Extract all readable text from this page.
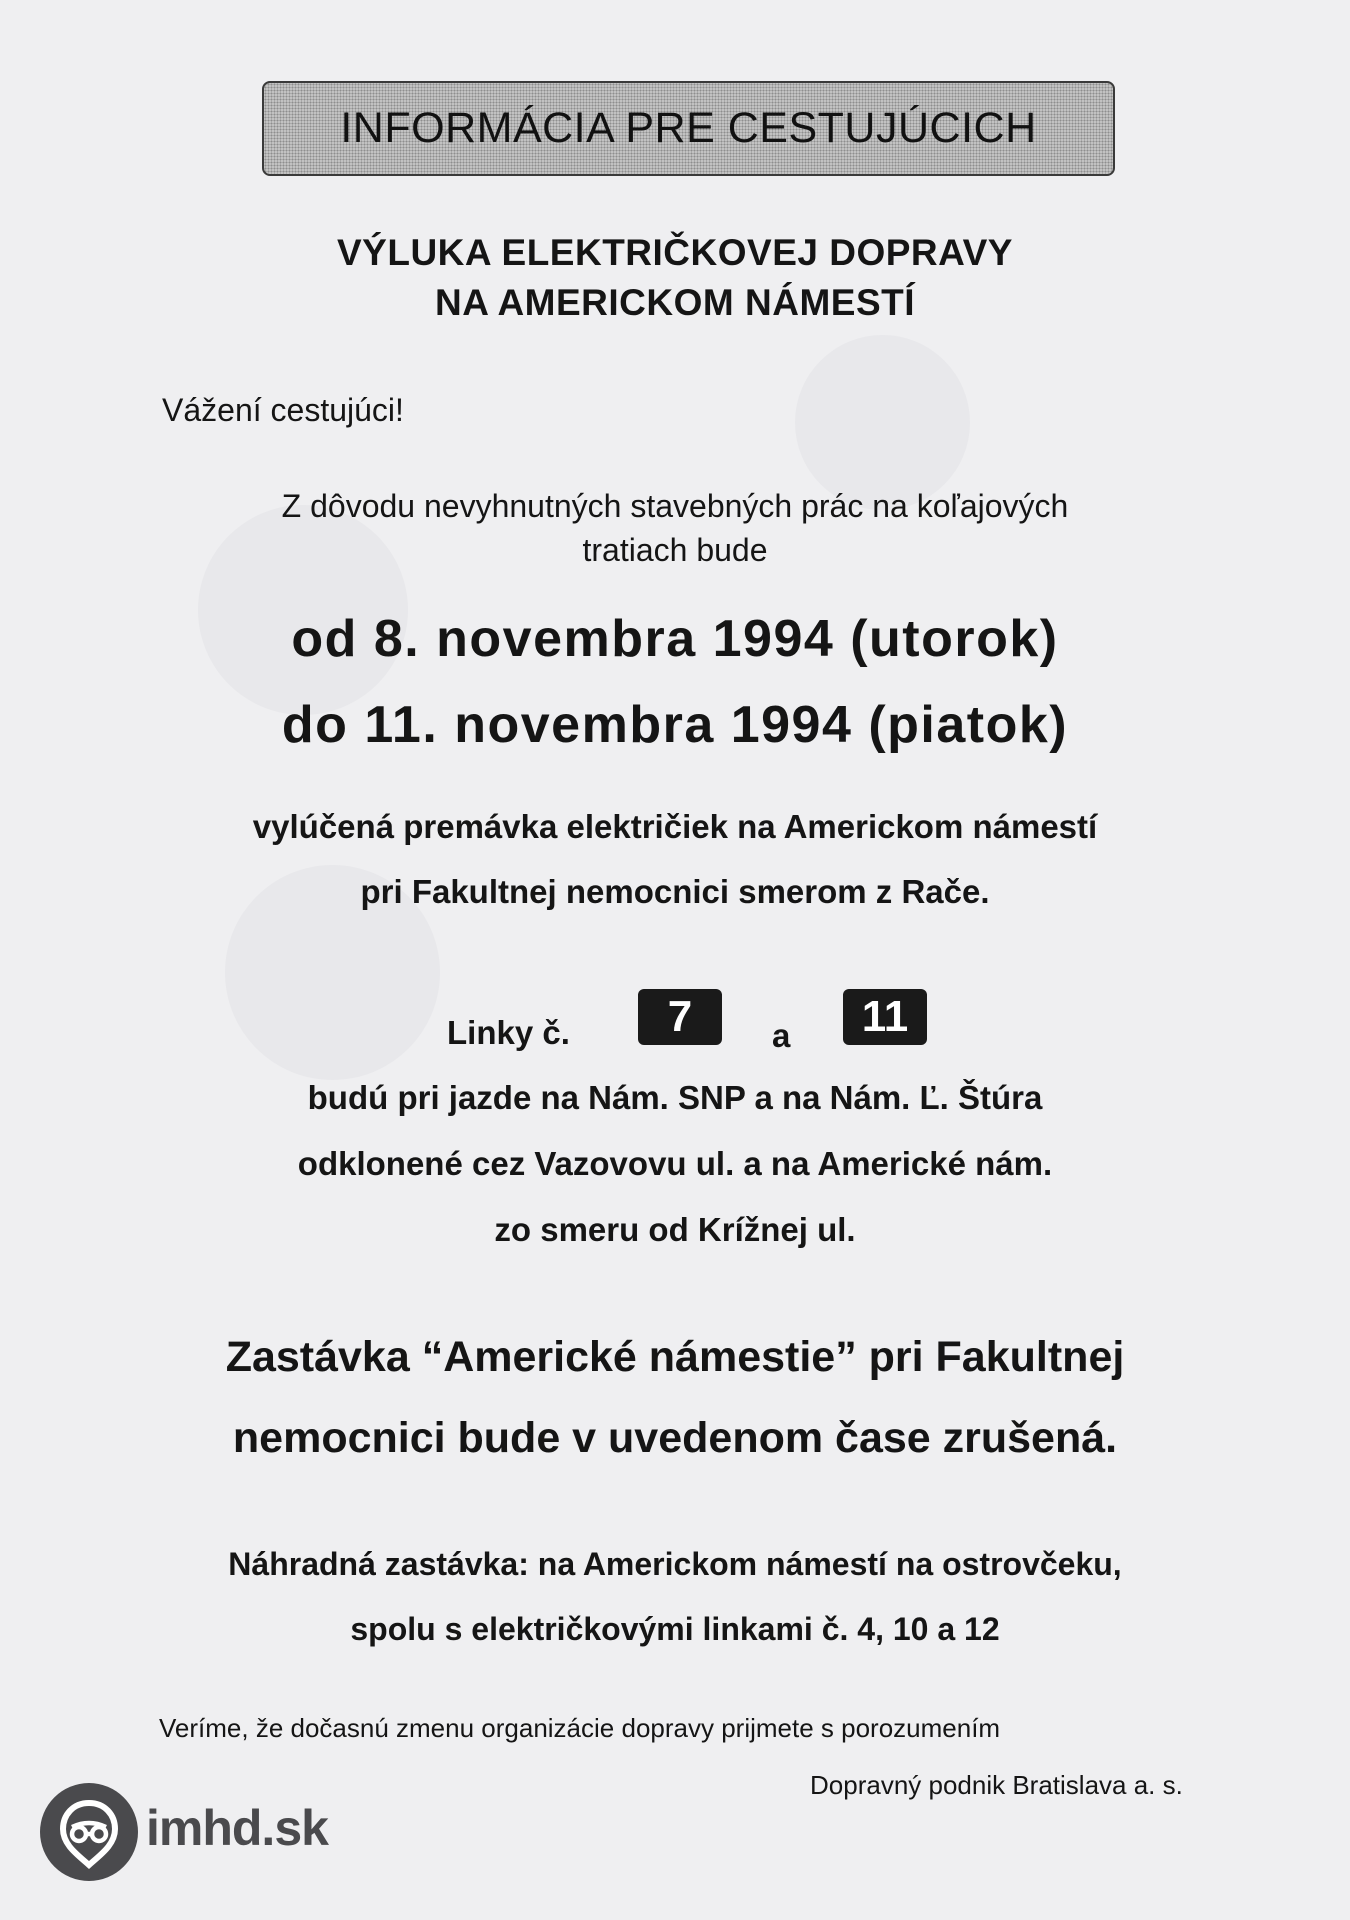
INFORMÁCIA PRE CESTUJÚCICH
VÝLUKA ELEKTRIČKOVEJ DOPRAVY
NA AMERICKOM NÁMESTÍ
Vážení cestujúci!
Z dôvodu nevyhnutných stavebných prác na koľajových
tratiach bude
od 8. novembra 1994 (utorok)
do 11. novembra 1994 (piatok)
vylúčená premávka električiek na Americkom námestí
pri Fakultnej nemocnici smerom z Rače.
Linky č. 7 a 11
budú pri jazde na Nám. SNP a na Nám. Ľ. Štúra
odklonené cez Vazovovu ul. a na Americké nám.
zo smeru od Krížnej ul.
Zastávka “Americké námestie” pri Fakultnej
nemocnici bude v uvedenom čase zrušená.
Náhradná zastávka: na Americkom námestí na ostrovčeku,
spolu s električkovými linkami č. 4, 10 a 12
Veríme, že dočasnú zmenu organizácie dopravy prijmete s porozumením
Dopravný podnik Bratislava a. s.
imhd.sk
